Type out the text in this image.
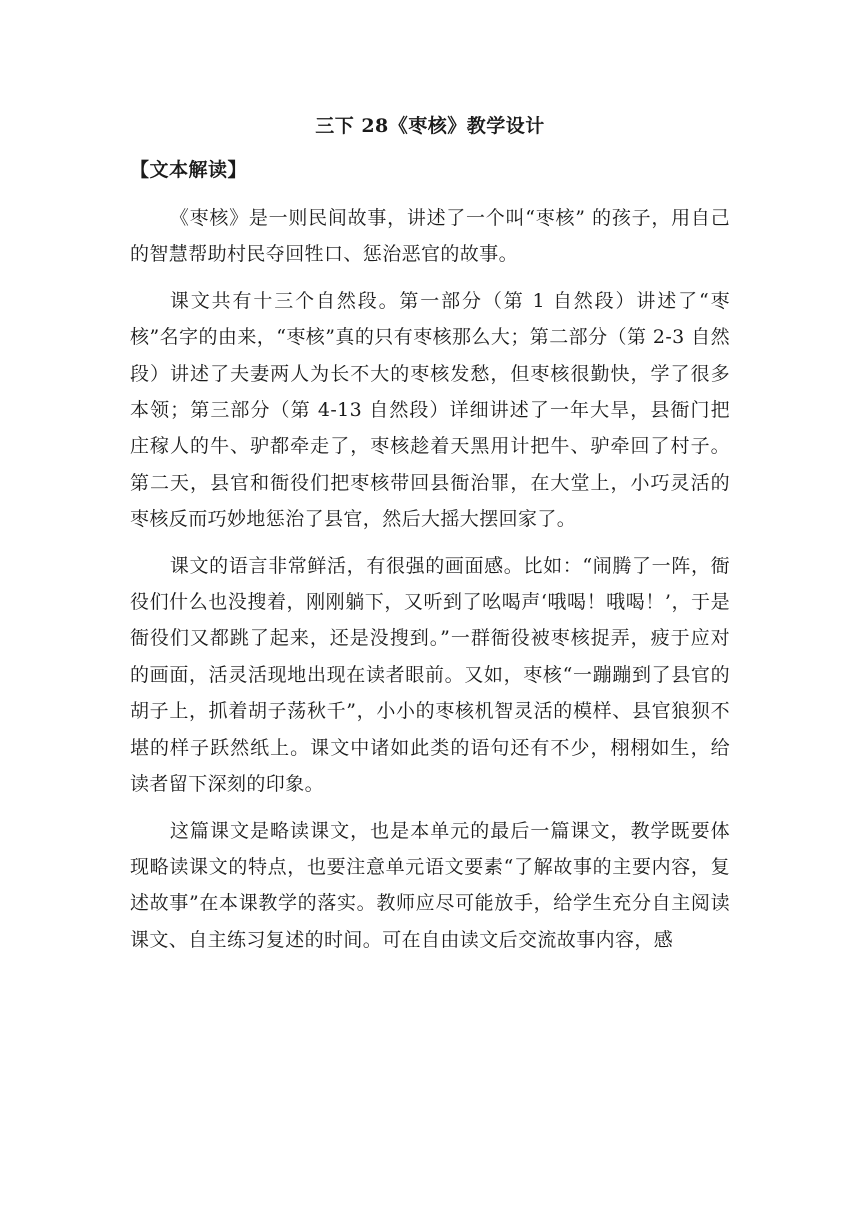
三下 28《枣核》教学设计
【文本解读】

《枣核》是一则民间故事，讲述了一个叫“枣核” 的孩子，用自己的智慧帮助村民夺回牲口、惩治恶官的故事。

课文共有十三个自然段。第一部分（第 1 自然段）讲述了“枣核”名字的由来，“枣核”真的只有枣核那么大；第二部分（第 2-3 自然段）讲述了夫妻两人为长不大的枣核发愁，但枣核很勤快，学了很多本领；第三部分（第 4-13 自然段）详细讲述了一年大旱，县衙门把庄稼人的牛、驴都牵走了，枣核趁着天黑用计把牛、驴牵回了村子。第二天，县官和衙役们把枣核带回县衙治罪，在大堂上，小巧灵活的枣核反而巧妙地惩治了县官，然后大摇大摆回家了。

课文的语言非常鲜活，有很强的画面感。比如：“闹腾了一阵，衙役们什么也没搜着，刚刚躺下，又听到了吆喝声‘哦喝！哦喝！’，于是衙役们又都跳了起来，还是没搜到。”一群衙役被枣核捉弄，疲于应对的画面，活灵活现地出现在读者眼前。又如，枣核“一蹦蹦到了县官的胡子上，抓着胡子荡秋千”，小小的枣核机智灵活的模样、县官狼狈不堪的样子跃然纸上。课文中诸如此类的语句还有不少，栩栩如生，给读者留下深刻的印象。

这篇课文是略读课文，也是本单元的最后一篇课文，教学既要体现略读课文的特点，也要注意单元语文要素“了解故事的主要内容，复述故事”在本课教学的落实。教师应尽可能放手，给学生充分自主阅读课文、自主练习复述的时间。可在自由读文后交流故事内容，感
